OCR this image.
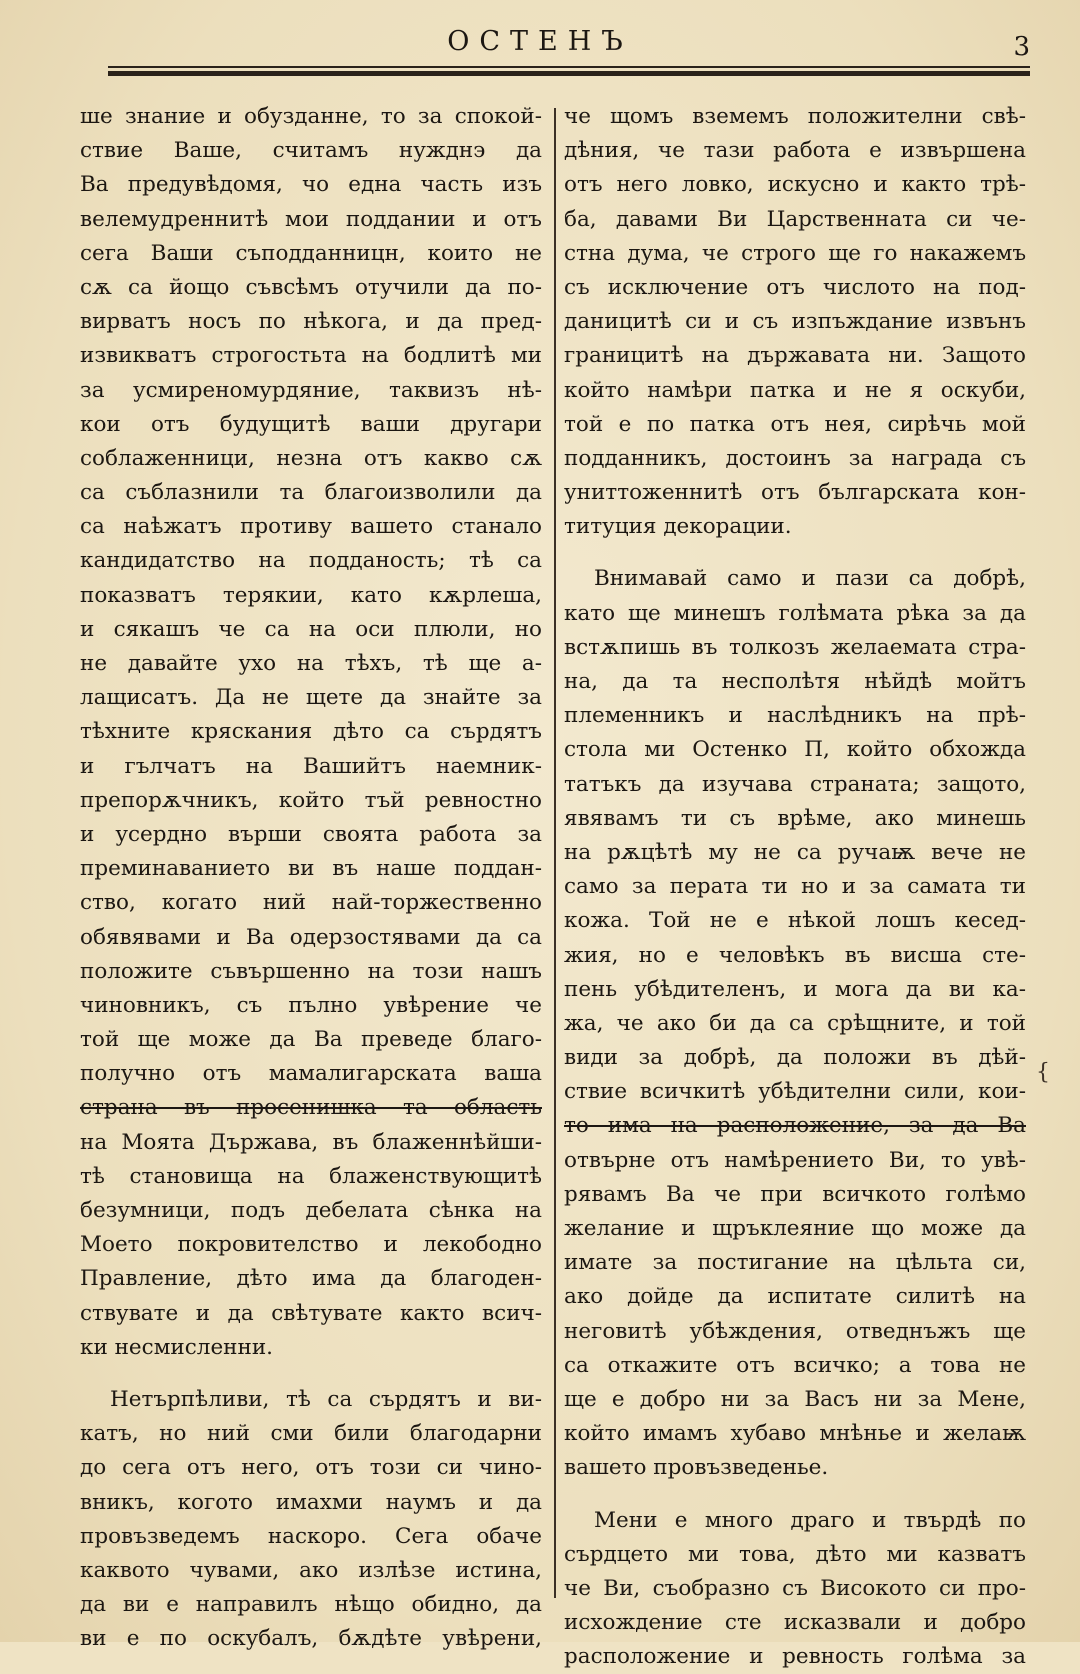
ОСТЕНЪ	3
ше знание и обузданне, то за спокой-
ствие Ваше, считамъ нужднэ да
Ва предувѣдомя, чо една часть изъ
велемудреннитѣ мои поддании и отъ
сега Ваши съподданницн, които не
сѫ са йощо съвсѣмъ отучили да по-
вирватъ носъ по нѣкога, и да пред-
извикватъ строгостьта на бодлитѣ ми
за усмиреномурдяние, таквизъ нѣ-
кои отъ будущитѣ ваши другари
соблаженници, незна отъ какво сѫ
са съблазнили та благоизволили да
са наѣжатъ противу вашето станало
кандидатство на подданость; тѣ са
показватъ терякии, като кѫрлеша,
и сякашъ че са на оси плюли, но
не давайте ухо на тѣхъ, тѣ ще а-
лащисатъ. Да не щете да знайте за
тѣхните кряскания дѣто са сърдятъ
и гълчатъ на Вашийтъ наемник-
препорѫчникъ, който тъй ревностно
и усердно върши своята работа за
преминаванието ви въ наше поддан-
ство, когато ний най-торжественно
обявявами и Ва одерзостявами да са
положите съвършенно на този нашъ
чиновникъ, съ пълно увѣрение че
той ще може да Ва преведе благо-
получно отъ мамалигарската ваша
страна въ просенишка та область
на Моята Държава, въ блаженнѣйши-
тѣ становища на блаженствующитѣ
безумници, подъ дебелата сѣнка на
Моето покровителство и лекободно
Правление, дѣто има да благоден-
ствувате и да свѣтувате както всич-
ки несмисленни.
Нетърпѣливи, тѣ са сърдятъ и ви-
катъ, но ний сми били благодарни
до сега отъ него, отъ този си чино-
вникъ, когото имахми наумъ и да
провъзведемъ наскоро. Сега обаче
каквото чувами, ако излѣзе истина,
да ви е направилъ нѣщо обидно, да
ви е по оскубалъ, бѫдѣте увѣрени,
че щомъ вземемъ положителни свѣ-
дѣния, че тази работа е извършена
отъ него ловко, искусно и както трѣ-
ба, давами Ви Царственната си че-
стна дума, че строго ще го накажемъ
съ исключение отъ числото на под-
даницитѣ си и съ изпъждание извънъ
границитѣ на държавата ни. Защото
който намѣри патка и не я оскуби,
той е по патка отъ нея, сирѣчь мой
подданникъ, достоинъ за награда съ
униттоженнитѣ отъ българската кон-
титуция декорации.
Внимавай само и пази са добрѣ,
като ще минешъ голѣмата рѣка за да
встѫпишь въ толкозъ желаемата стра-
на, да та несполѣтя нѣйдѣ мойтъ
племенникъ и наслѣдникъ на прѣ-
стола ми Остенко П, който обхожда
татъкъ да изучава страната; защото,
явявамъ ти съ врѣме, ако минешь
на рѫцѣтѣ му не са ручаѭ вече не
само за перата ти но и за самата ти
кожа. Той не е нѣкой лошъ кесед-
жия, но е человѣкъ въ висша сте-
пень убѣдителенъ, и мога да ви ка-
жа, че ако би да са срѣщните, и той
види за добрѣ, да положи въ дѣй-
ствие всичкитѣ убѣдителни сили, кои-
то има на расположение, за да Ва
отвърне отъ намѣрението Ви, то увѣ-
рявамъ Ва че при всичкото голѣмо
желание и щръклеяние що може да
имате за постигание на цѣльта си,
ако дойде да испитате силитѣ на
неговитѣ убѣждения, отведнъжъ ще
са откажите отъ всичко; а това не
ще е добро ни за Васъ ни за Мене,
който имамъ хубаво мнѣнье и желаѭ
вашето провъзведенье.
Мени е много драго и твърдѣ по
сърдцето ми това, дѣто ми казватъ
че Ви, съобразно съ Високото си про-
исхождение сте исказвали и добро
расположение и ревность голѣма за
{
